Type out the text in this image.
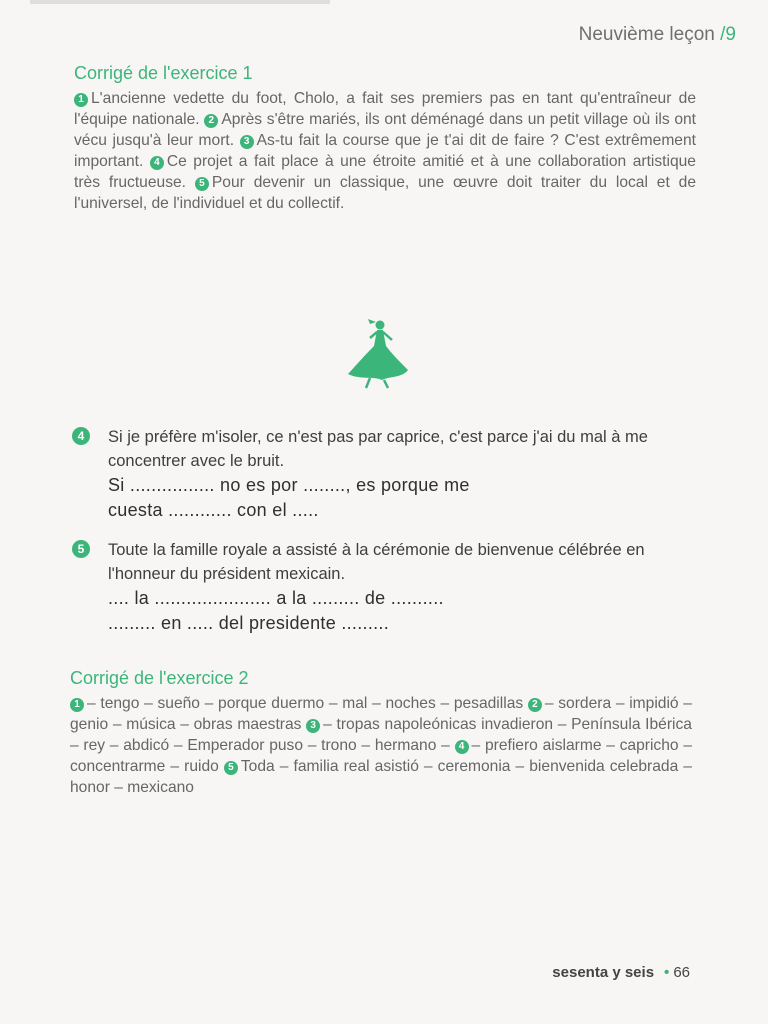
Neuvième leçon /9
Corrigé de l'exercice 1
1 L'ancienne vedette du foot, Cholo, a fait ses premiers pas en tant qu'entraîneur de l'équipe nationale. 2 Après s'être mariés, ils ont déménagé dans un petit village où ils ont vécu jusqu'à leur mort. 3 As-tu fait la course que je t'ai dit de faire ? C'est extrêmement important. 4 Ce projet a fait place à une étroite amitié et à une collaboration artistique très fructueuse. 5 Pour devenir un classique, une œuvre doit traiter du local et de l'universel, de l'individuel et du collectif.
4	Si je préfère m'isoler, ce n'est pas par caprice, c'est parce j'ai du mal à me concentrer avec le bruit.
Si ................ no es por ........, es porque me
cuesta ............ con el .....
5	Toute la famille royale a assisté à la cérémonie de bienvenue célébrée en l'honneur du président mexicain.
.... la ...................... a la ......... de ..........
......... en ..... del presidente .........
Corrigé de l'exercice 2
1 – tengo – sueño – porque duermo – mal – noches – pesadillas 2 – sordera – impidió – genio – música – obras maestras 3 – tropas napoleónicas invadieron – Península Ibérica – rey – abdicó – Emperador puso – trono – hermano – 4 – prefiero aislarme – capricho – concentrarme – ruido 5 Toda – familia real asistió – ceremonia – bienvenida celebrada – honor – mexicano
sesenta y seis • 66
